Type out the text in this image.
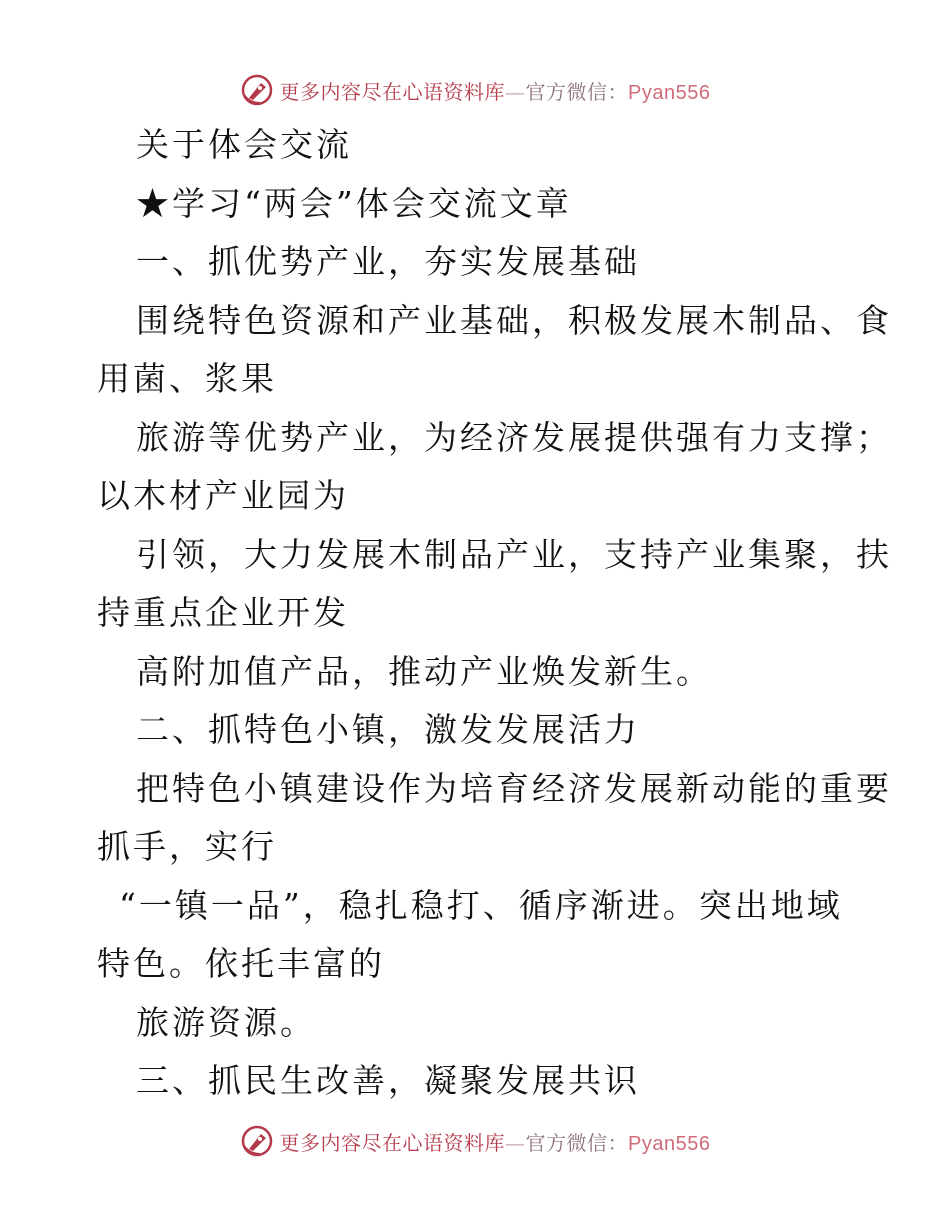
更多内容尽在心语资料库—官方微信：Pyan556
关于体会交流
★学习“两会”体会交流文章
一、抓优势产业，夯实发展基础
围绕特色资源和产业基础，积极发展木制品、食
用菌、浆果
旅游等优势产业，为经济发展提供强有力支撑；
以木材产业园为
引领，大力发展木制品产业，支持产业集聚，扶
持重点企业开发
高附加值产品，推动产业焕发新生。
二、抓特色小镇，激发发展活力
把特色小镇建设作为培育经济发展新动能的重要
抓手，实行
“一镇一品”，稳扎稳打、循序渐进。突出地域
特色。依托丰富的
旅游资源。
三、抓民生改善，凝聚发展共识
更多内容尽在心语资料库—官方微信：Pyan556
